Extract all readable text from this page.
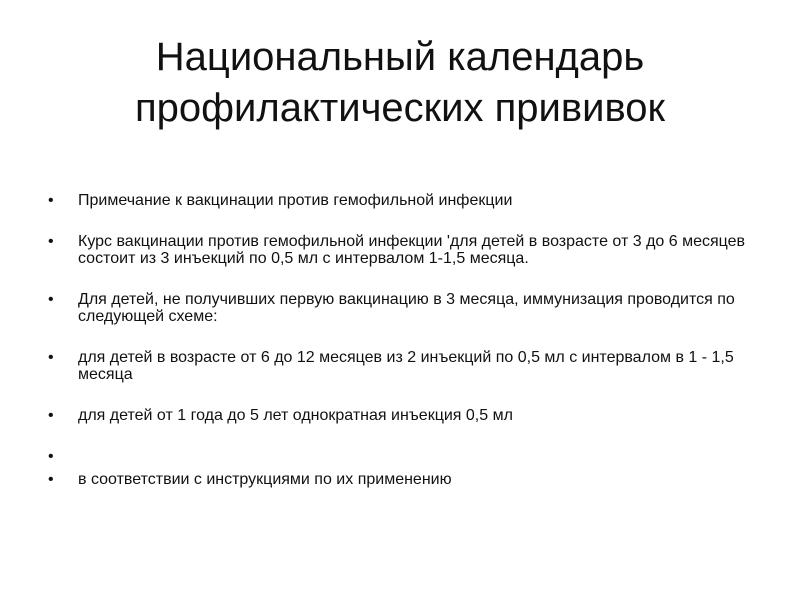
Национальный календарь
профилактических прививок
• Примечание к вакцинации против гемофильной инфекции
• Курс вакцинации против гемофильной инфекции 'для детей в возрасте от 3 до 6 месяцев состоит из 3 инъекций по 0,5 мл с интервалом 1-1,5 месяца.
• Для детей, не получивших первую вакцинацию в 3 месяца, иммунизация проводится по следующей схеме:
• для детей в возрасте от 6 до 12 месяцев из 2 инъекций по 0,5 мл с интервалом в 1 - 1,5 месяца
• для детей от 1 года до 5 лет однократная инъекция 0,5 мл
•
• в соответствии с инструкциями по их применению
